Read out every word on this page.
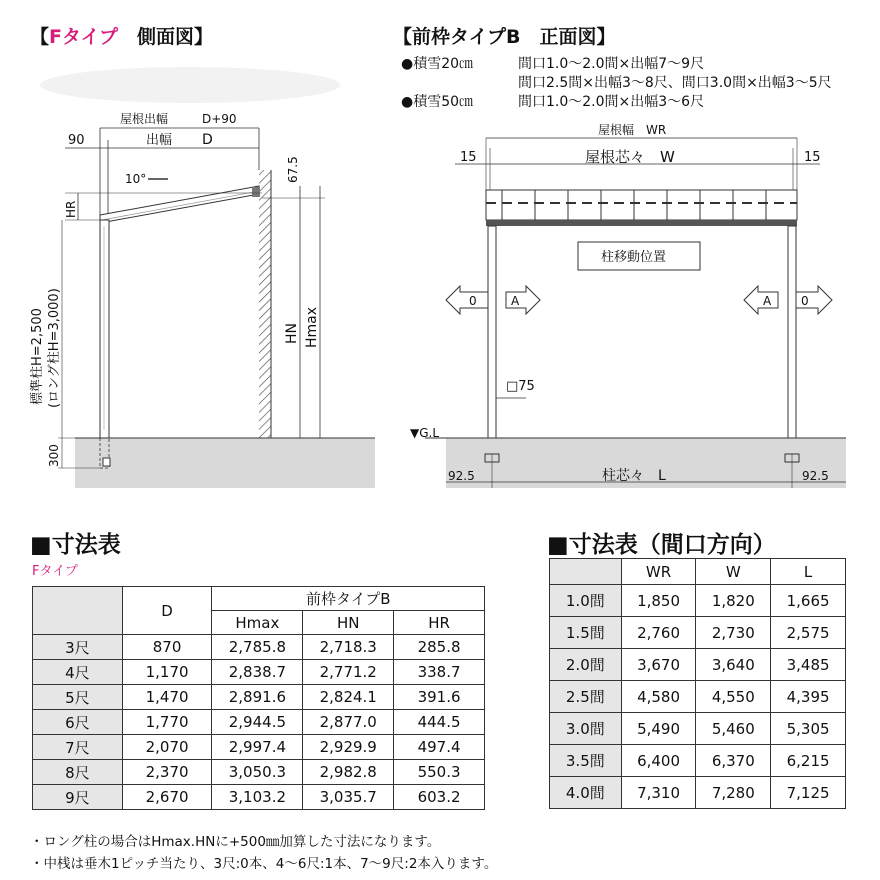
【Fタイプ　側面図】
屋根出幅	D+90
出幅 D
90
10°
HR
67.5
HN Hmax
標準柱H=2,500 (ロング柱H=3,000)
300
【前枠タイプB　正面図】
●積雪20㎝	間口1.0～2.0間×出幅7～9尺
間口2.5間×出幅3～8尺、間口3.0間×出幅3～5尺
●積雪50㎝	間口1.0～2.0間×出幅3～6尺
▼G.L
屋根幅　WR
屋根芯々　W
15	15
柱移動位置
0	A	A 0
□75
柱芯々　L
92.5	92.5
■寸法表
Fタイプ
	D	前枠タイプB		
		Hmax	HN	HR
3尺	870	2,785.8	2,718.3	285.8
4尺	1,170	2,838.7	2,771.2	338.7
5尺	1,470	2,891.6	2,824.1	391.6
6尺	1,770	2,944.5	2,877.0	444.5
7尺	2,070	2,997.4	2,929.9	497.4
8尺	2,370	3,050.3	2,982.8	550.3
9尺	2,670	3,103.2	3,035.7	603.2
■寸法表（間口方向）
	WR	W	L
1.0間	1,850	1,820	1,665
1.5間	2,760	2,730	2,575
2.0間	3,670	3,640	3,485
2.5間	4,580	4,550	4,395
3.0間	5,490	5,460	5,305
3.5間	6,400	6,370	6,215
4.0間	7,310	7,280	7,125
・ロング柱の場合はHmax.HNに+500㎜加算した寸法になります。
・中桟は垂木1ピッチ当たり、3尺:0本、4～6尺:1本、7～9尺:2本入ります。
